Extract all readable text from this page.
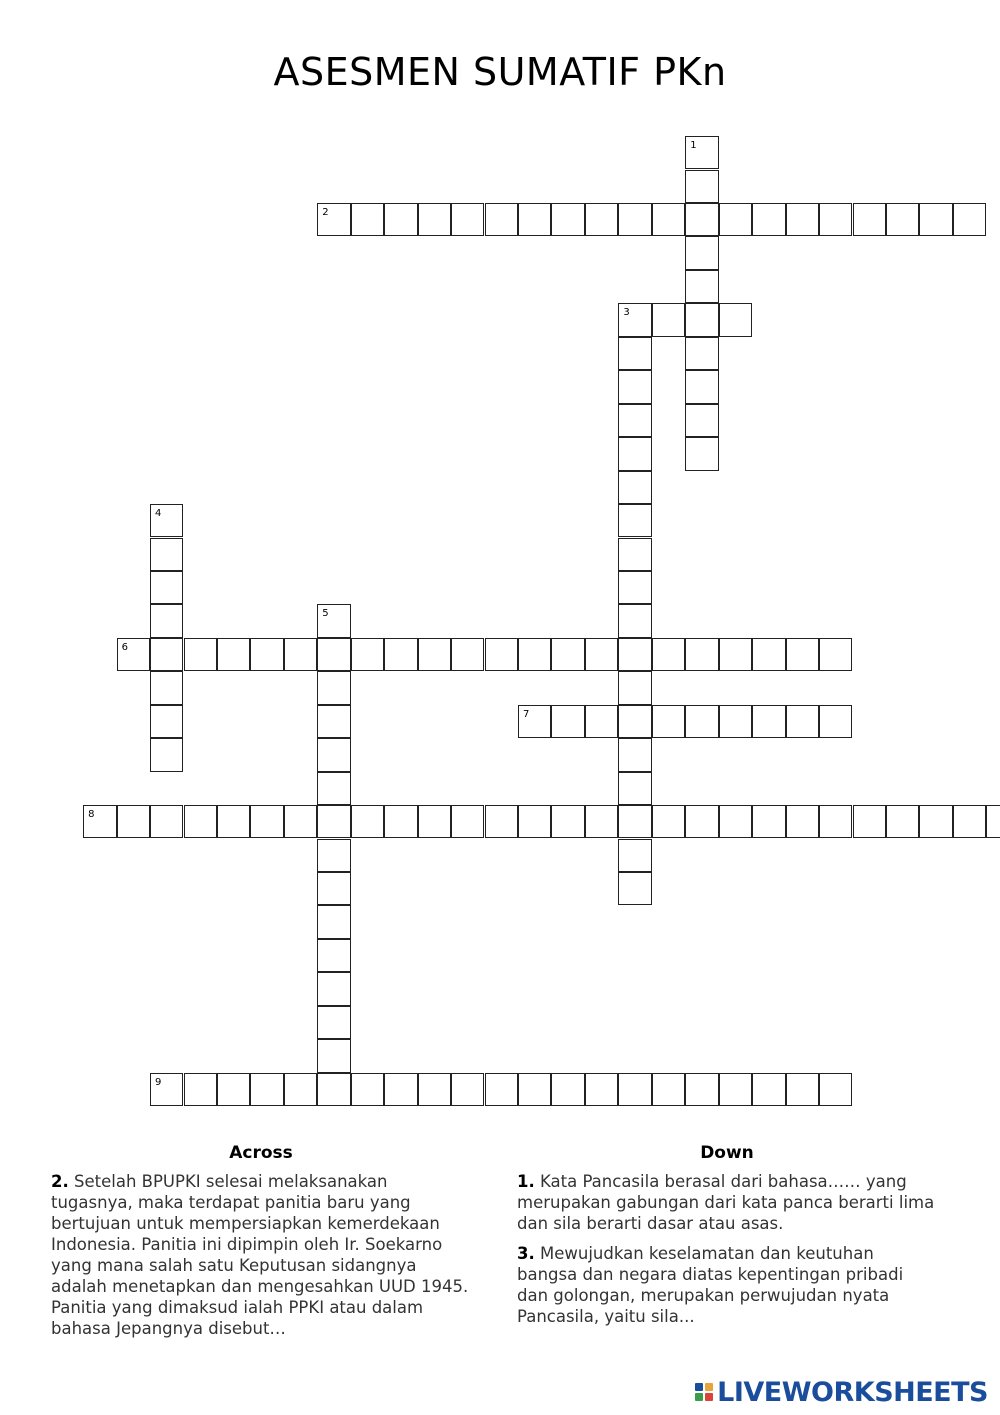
ASESMEN SUMATIF PKn
1
2
3
4
5
6
7
8
9
Across

2. Setelah BPUPKI selesai melaksanakan tugasnya, maka terdapat panitia baru yang bertujuan untuk mempersiapkan kemerdekaan Indonesia. Panitia ini dipimpin oleh Ir. Soekarno yang mana salah satu Keputusan sidangnya adalah menetapkan dan mengesahkan UUD 1945. Panitia yang dimaksud ialah PPKI atau dalam bahasa Jepangnya disebut…

Down

1. Kata Pancasila berasal dari bahasa…… yang merupakan gabungan dari kata panca berarti lima dan sila berarti dasar atau asas.

3. Mewujudkan keselamatan dan keutuhan bangsa dan negara diatas kepentingan pribadi dan golongan, merupakan perwujudan nyata Pancasila, yaitu sila...

LIVEWORKSHEETS
